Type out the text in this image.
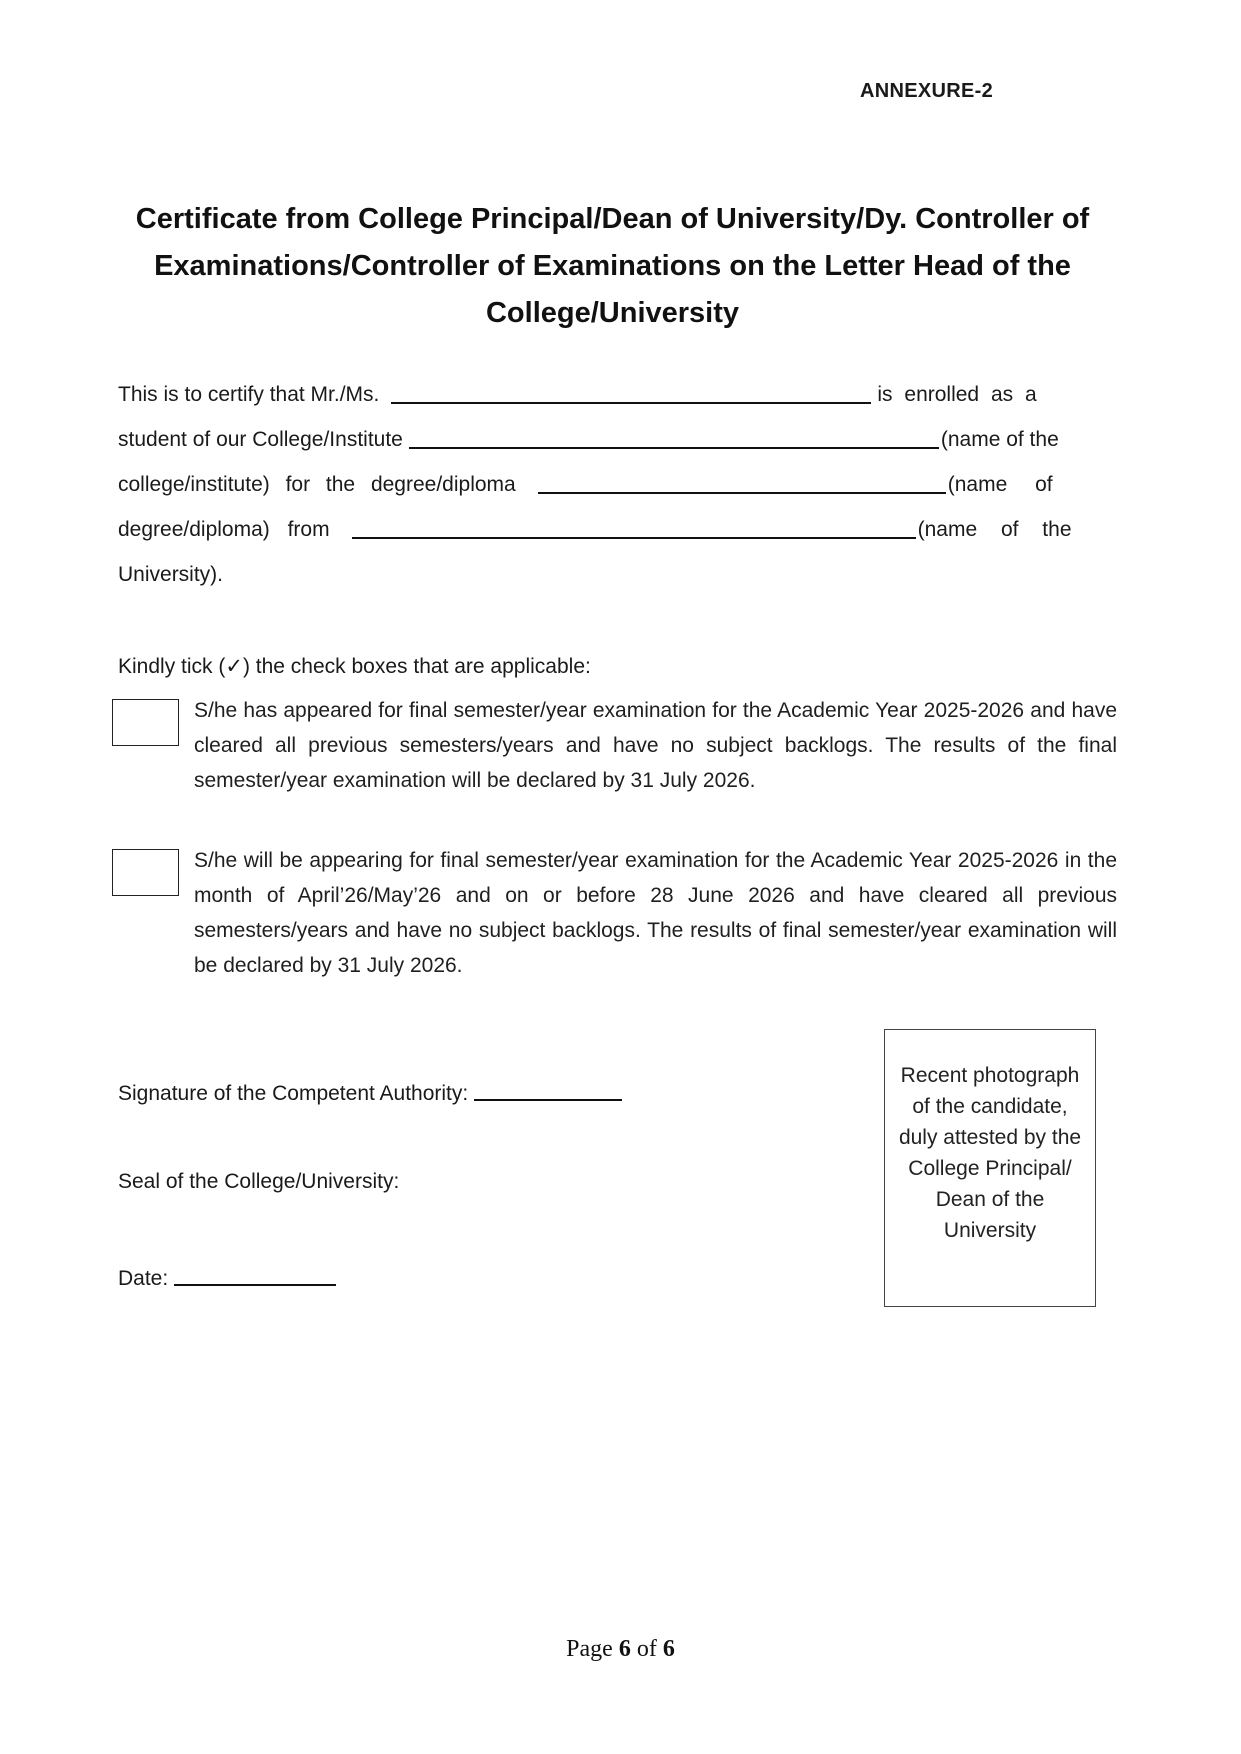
ANNEXURE-2
Certificate from College Principal/Dean of University/Dy. Controller of
Examinations/Controller of Examinations on the Letter Head of the
College/University
This is to certify that Mr./Ms.	is enrolled as a
student of our College/Institute	(name of the
college/institute) for the degree/diploma	(name of
degree/diploma) from	(name of the
University).
Kindly tick (✓) the check boxes that are applicable:
S/he has appeared for final semester/year examination for the Academic Year 2025-2026 and have cleared all previous semesters/years and have no subject backlogs. The results of the final semester/year examination will be declared by 31 July 2026.
S/he will be appearing for final semester/year examination for the Academic Year 2025-2026 in the month of April’26/May’26 and on or before 28 June 2026 and have cleared all previous semesters/years and have no subject backlogs. The results of final semester/year examination will be declared by 31 July 2026.
Signature of the Competent Authority:
Seal of the College/University:
Date:
Recent photograph of the candidate, duly attested by the College Principal/ Dean of the University
Page 6 of 6
